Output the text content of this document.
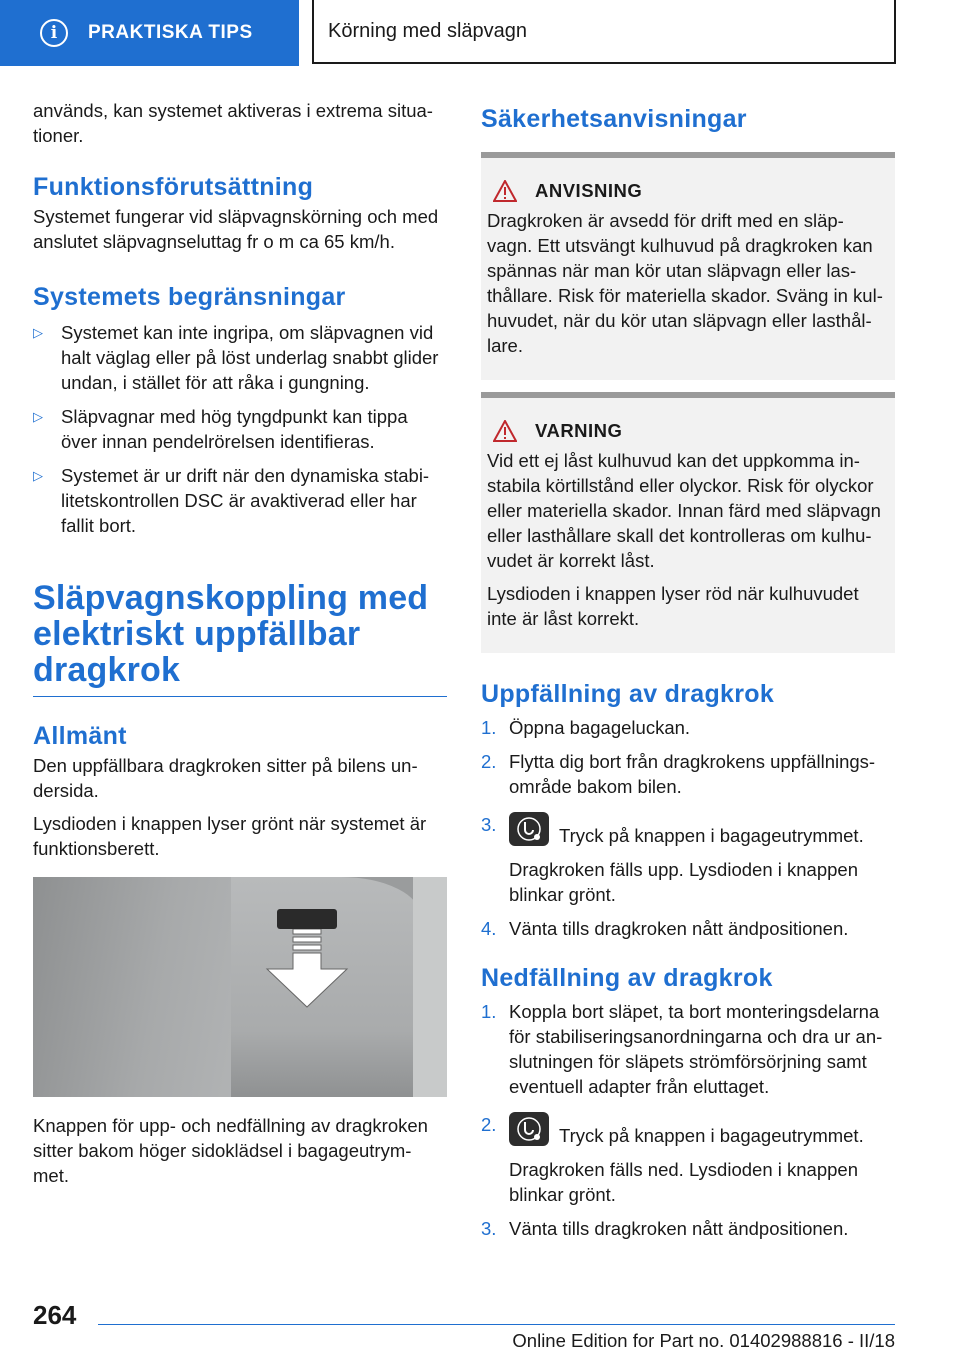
i	PRAKTISKA TIPS	Körning med släpvagn

används, kan systemet aktiveras i extrema situa-tioner.

Funktionsförutsättning

Systemet fungerar vid släpvagnskörning och med anslutet släpvagnseluttag fr o m ca 65 km/h.

Systemets begränsningar
▷ Systemet kan inte ingripa, om släpvagnen vid halt väglag eller på löst underlag snabbt glider undan, i stället för att råka i gungning.
▷ Släpvagnar med hög tyngdpunkt kan tippa över innan pendelrörelsen identifieras.
▷ Systemet är ur drift när den dynamiska stabi-litetskontrollen DSC är avaktiverad eller har fallit bort.
Släpvagnskoppling med elektriskt uppfällbar dragkrok
Allmänt

Den uppfällbara dragkroken sitter på bilens un-dersida.

Lysdioden i knappen lyser grönt när systemet är funktionsberett.

Knappen för upp- och nedfällning av dragkroken sitter bakom höger sidoklädsel i bagageutrym-met.

Säkerhetsanvisningar
ANVISNING

Dragkroken är avsedd för drift med en släp-vagn. Ett utsvängt kulhuvud på dragkroken kan spännas när man kör utan släpvagn eller las-thållare. Risk för materiella skador. Sväng in kul-huvudet, när du kör utan släpvagn eller lasthål-lare.

VARNING

Vid ett ej låst kulhuvud kan det uppkomma in-stabila körtillstånd eller olyckor. Risk för olyckor eller materiella skador. Innan färd med släpvagn eller lasthållare skall det kontrolleras om kulhu-vudet är korrekt låst.

Lysdioden i knappen lyser röd när kulhuvudet inte är låst korrekt.

Uppfällning av dragkrok
1. Öppna bagageluckan.
2. Flytta dig bort från dragkrokens uppfällnings-område bakom bilen.
3.
Tryck på knappen i bagageutrymmet.
Dragkroken fälls upp. Lysdioden i knappen blinkar grönt.
4. Vänta tills dragkroken nått ändpositionen.
Nedfällning av dragkrok
1. Koppla bort släpet, ta bort monteringsdelarna för stabiliseringsanordningarna och dra ur an-slutningen för släpets strömförsörjning samt eventuell adapter från eluttaget.
2.
Tryck på knappen i bagageutrymmet.
Dragkroken fälls ned. Lysdioden i knappen blinkar grönt.
3. Vänta tills dragkroken nått ändpositionen.
264
Online Edition for Part no. 01402988816 - II/18
